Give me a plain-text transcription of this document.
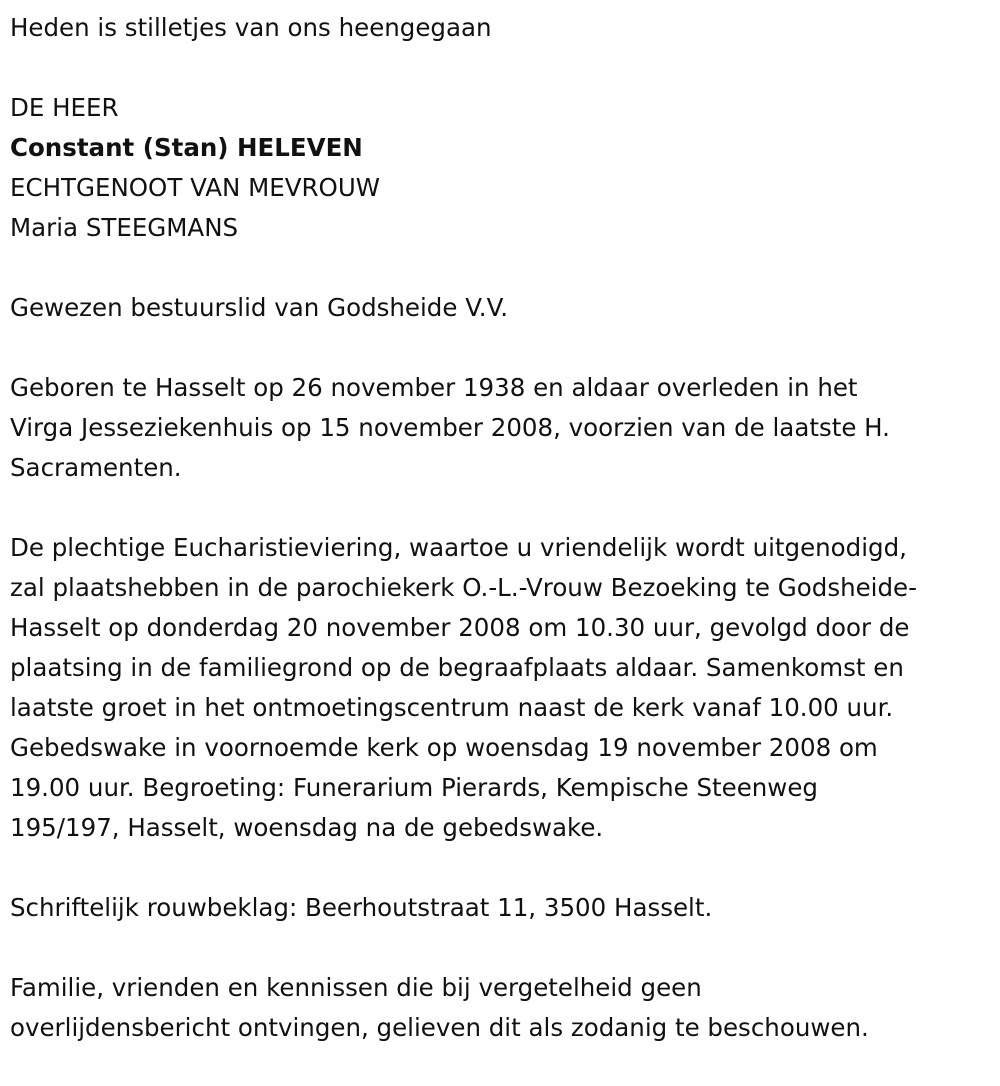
Heden is stilletjes van ons heengegaan

DE HEER

Constant (Stan) HELEVEN

ECHTGENOOT VAN MEVROUW

Maria STEEGMANS

Gewezen bestuurslid van Godsheide V.V.

Geboren te Hasselt op 26 november 1938 en aldaar overleden in het

Virga Jesseziekenhuis op 15 november 2008, voorzien van de laatste H.

Sacramenten.

De plechtige Eucharistieviering, waartoe u vriendelijk wordt uitgenodigd,

zal plaatshebben in de parochiekerk O.-L.-Vrouw Bezoeking te Godsheide-

Hasselt op donderdag 20 november 2008 om 10.30 uur, gevolgd door de

plaatsing in de familiegrond op de begraafplaats aldaar. Samenkomst en

laatste groet in het ontmoetingscentrum naast de kerk vanaf 10.00 uur.

Gebedswake in voornoemde kerk op woensdag 19 november 2008 om

19.00 uur. Begroeting: Funerarium Pierards, Kempische Steenweg

195/197, Hasselt, woensdag na de gebedswake.

Schriftelijk rouwbeklag: Beerhoutstraat 11, 3500 Hasselt.

Familie, vrienden en kennissen die bij vergetelheid geen

overlijdensbericht ontvingen, gelieven dit als zodanig te beschouwen.
